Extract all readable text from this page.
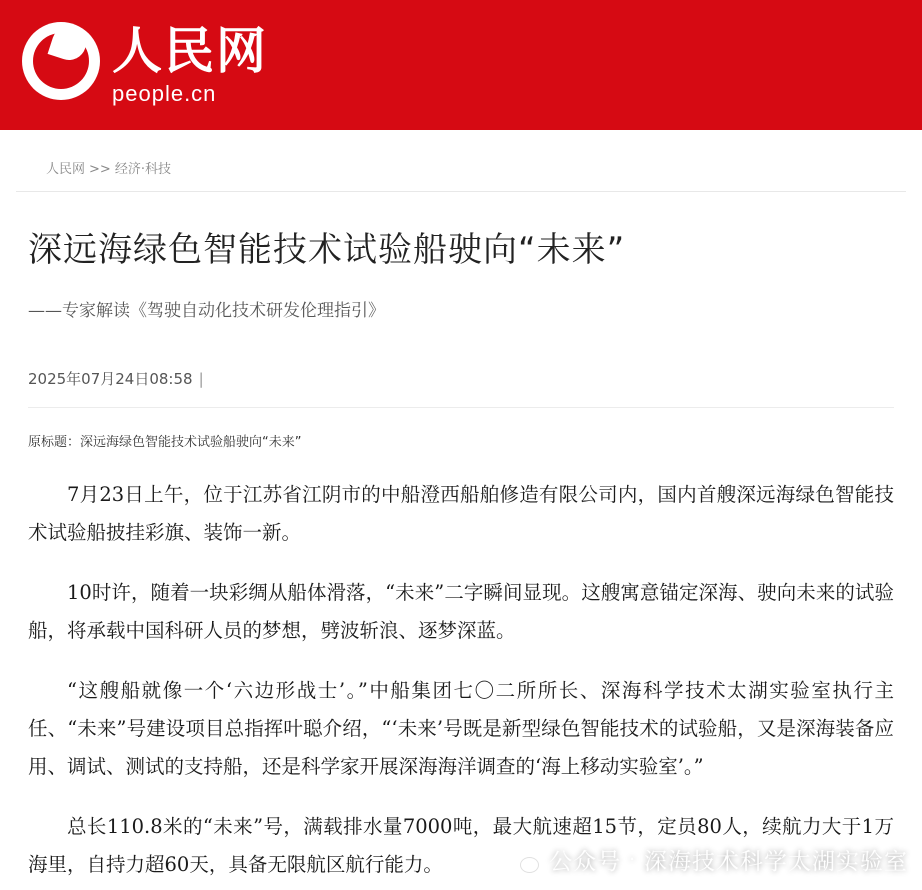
人民网
people.cn
人民网 >> 经济·科技
深远海绿色智能技术试验船驶向“未来”
——专家解读《驾驶自动化技术研发伦理指引》
2025年07月24日08:58 |
原标题：深远海绿色智能技术试验船驶向“未来”

7月23日上午，位于江苏省江阴市的中船澄西船舶修造有限公司内，国内首艘深远海绿色智能技术试验船披挂彩旗、装饰一新。

10时许，随着一块彩绸从船体滑落，“未来”二字瞬间显现。这艘寓意锚定深海、驶向未来的试验船，将承载中国科研人员的梦想，劈波斩浪、逐梦深蓝。

“这艘船就像一个‘六边形战士’。”中船集团七〇二所所长、深海科学技术太湖实验室执行主任、“未来”号建设项目总指挥叶聪介绍，“‘未来’号既是新型绿色智能技术的试验船，又是深海装备应用、调试、测试的支持船，还是科学家开展深海海洋调查的‘海上移动实验室’。”

总长110.8米的“未来”号，满载排水量7000吨，最大航速超15节，定员80人，续航力大于1万海里，自持力超60天，具备无限航区航行能力。	公众号 · 深海技术科学太湖实验室
